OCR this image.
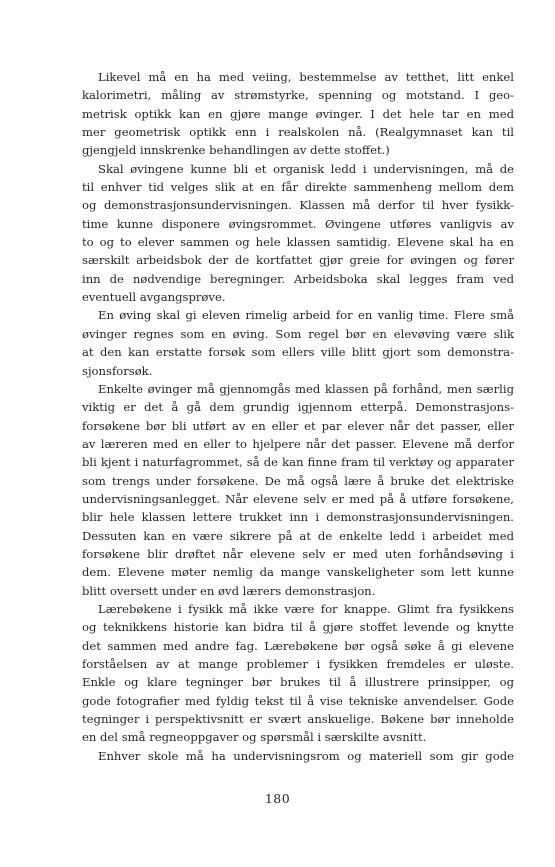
Likevel må en ha med veiing, bestemmelse av tetthet, litt enkel
kalorimetri, måling av strømstyrke, spenning og motstand. I geo-
metrisk optikk kan en gjøre mange øvinger. I det hele tar en med
mer geometrisk optikk enn i realskolen nå. (Realgymnaset kan til
gjengjeld innskrenke behandlingen av dette stoffet.)
Skal øvingene kunne bli et organisk ledd i undervisningen, må de
til enhver tid velges slik at en får direkte sammenheng mellom dem
og demonstrasjonsundervisningen. Klassen må derfor til hver fysikk-
time kunne disponere øvingsrommet. Øvingene utføres vanligvis av
to og to elever sammen og hele klassen samtidig. Elevene skal ha en
særskilt arbeidsbok der de kortfattet gjør greie for øvingen og fører
inn de nødvendige beregninger. Arbeidsboka skal legges fram ved
eventuell avgangsprøve.
En øving skal gi eleven rimelig arbeid for en vanlig time. Flere små
øvinger regnes som en øving. Som regel bør en elevøving være slik
at den kan erstatte forsøk som ellers ville blitt gjort som demonstra-
sjonsforsøk.
Enkelte øvinger må gjennomgås med klassen på forhånd, men særlig
viktig er det å gå dem grundig igjennom etterpå. Demonstrasjons-
forsøkene bør bli utført av en eller et par elever når det passer, eller
av læreren med en eller to hjelpere når det passer. Elevene må derfor
bli kjent i naturfagrommet, så de kan finne fram til verktøy og apparater
som trengs under forsøkene. De må også lære å bruke det elektriske
undervisningsanlegget. Når elevene selv er med på å utføre forsøkene,
blir hele klassen lettere trukket inn i demonstrasjonsundervisningen.
Dessuten kan en være sikrere på at de enkelte ledd i arbeidet med
forsøkene blir drøftet når elevene selv er med uten forhåndsøving i
dem. Elevene møter nemlig da mange vanskeligheter som lett kunne
blitt oversett under en øvd lærers demonstrasjon.
Lærebøkene i fysikk må ikke være for knappe. Glimt fra fysikkens
og teknikkens historie kan bidra til å gjøre stoffet levende og knytte
det sammen med andre fag. Lærebøkene bør også søke å gi elevene
forståelsen av at mange problemer i fysikken fremdeles er uløste.
Enkle og klare tegninger bør brukes til å illustrere prinsipper, og
gode fotografier med fyldig tekst til å vise tekniske anvendelser. Gode
tegninger i perspektivsnitt er svært anskuelige. Bøkene bør inneholde
en del små regneoppgaver og spørsmål i særskilte avsnitt.
Enhver skole må ha undervisningsrom og materiell som gir gode
180
